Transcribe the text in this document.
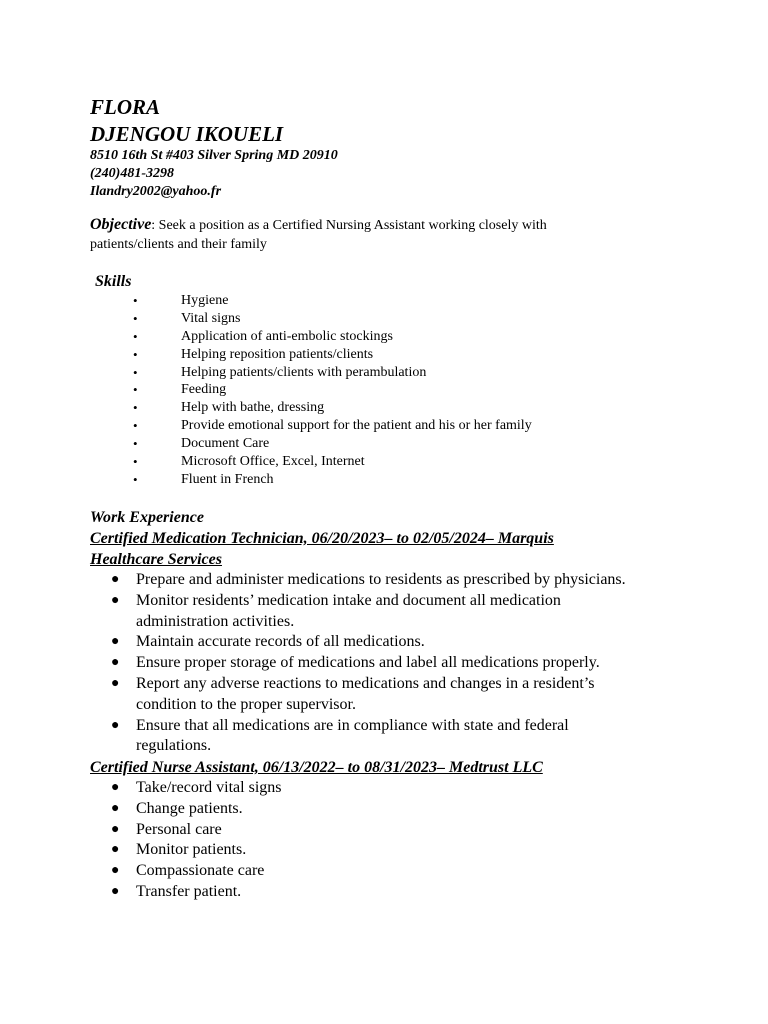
FLORA
DJENGOU IKOUELI
8510 16th St #403 Silver Spring MD 20910
(240)481-3298
Ilandry2002@yahoo.fr
Objective: Seek a position as a Certified Nursing Assistant working closely with patients/clients and their family
Skills
•	Hygiene
•	Vital signs
•	Application of anti-embolic stockings
•	Helping reposition patients/clients
•	Helping patients/clients with perambulation
•	Feeding
•	Help with bathe, dressing
•	Provide emotional support for the patient and his or her family
•	Document Care
•	Microsoft Office, Excel, Internet
•	Fluent in French
Work Experience
Certified Medication Technician, 06/20/2023– to 02/05/2024– Marquis
Healthcare Services
● Prepare and administer medications to residents as prescribed by physicians.
● Monitor residents’ medication intake and document all medication administration activities.
● Maintain accurate records of all medications.
● Ensure proper storage of medications and label all medications properly.
● Report any adverse reactions to medications and changes in a resident’s condition to the proper supervisor.
● Ensure that all medications are in compliance with state and federal regulations.
Certified Nurse Assistant, 06/13/2022– to 08/31/2023– Medtrust LLC
● Take/record vital signs
● Change patients.
● Personal care
● Monitor patients.
● Compassionate care
● Transfer patient.
